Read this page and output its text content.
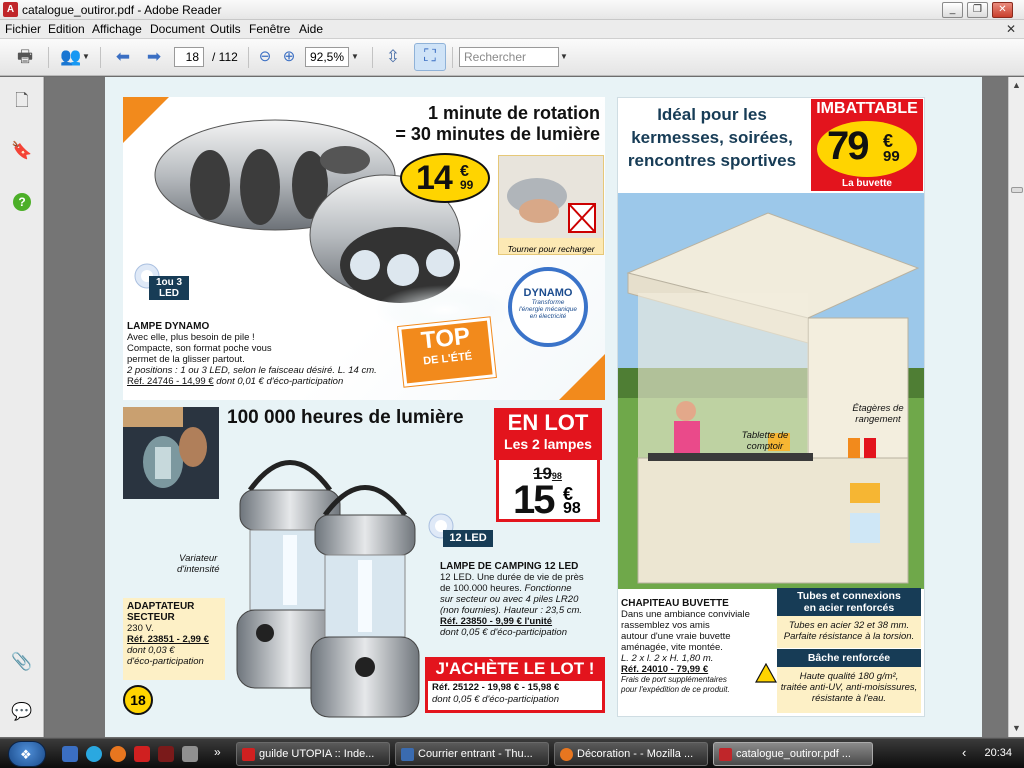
A catalogue_outiror.pdf - Adobe Reader	_	❐	✕
Fichier Edition Affichage Document Outils Fenêtre Aide	✕
🖶 👥 ▼	⬅ ➡	18	/ 112	⊖ ⊕	92,5% ▼	⇳	⛶	Rechercher	▼
🗋
🔖
?
📎
💬
▲
▼
1 minute de rotation
= 30 minutes de lumière
14 €
99
Tourner pour recharger
1ou 3 LED	DYNAMO
Transforme
l'énergie mécanique
en électricité
TOP
DE L'ÉTÉ
LAMPE DYNAMO
Avec elle, plus besoin de pile !
Compacte, son format poche vous
permet de la glisser partout.
2 positions : 1 ou 3 LED, selon le faisceau désiré. L. 14 cm.
Réf. 24746 - 14,99 € dont 0,01 € d'éco-participation
100 000 heures de lumière
Variateur
d'intensité
EN LOT
Les 2 lampes
1998
15 €
98
12 LED
LAMPE DE CAMPING 12 LED
12 LED. Une durée de vie de près
de 100.000 heures. Fonctionne
sur secteur ou avec 4 piles LR20
(non fournies). Hauteur : 23,5 cm.
Réf. 23850 - 9,99 € l'unité
dont 0,05 € d'éco-participation
ADAPTATEUR
SECTEUR
230 V.
Réf. 23851 - 2,99 €
dont 0,03 €
d'éco-participation
18
J'ACHÈTE LE LOT !
Réf. 25122 - 19,98 € - 15,98 €
dont 0,05 € d'éco-participation
Idéal pour les
kermesses, soirées,
rencontres sportives
IMBATTABLE
79 €
99
La buvette
Étagères de
rangement
Tablette de
comptoir
CHAPITEAU BUVETTE
Dans une ambiance conviviale
rassemblez vos amis
autour d'une vraie buvette
aménagée, vite montée.
L. 2 x l. 2 x H. 1,80 m.
Réf. 24010 - 79,99 €
Frais de port supplémentaires
pour l'expédition de ce produit.
Tubes et connexions
en acier renforcés
Tubes en acier 32 et 38 mm.
Parfaite résistance à la torsion.
Bâche renforcée
Haute qualité 180 g/m²,
traitée anti-UV, anti-moisissures,
résistante à l'eau.
❖	»	guilde UTOPIA :: Inde...	Courrier entrant - Thu...	Décoration - - Mozilla ...	catalogue_outiror.pdf ...	‹ 20:34
